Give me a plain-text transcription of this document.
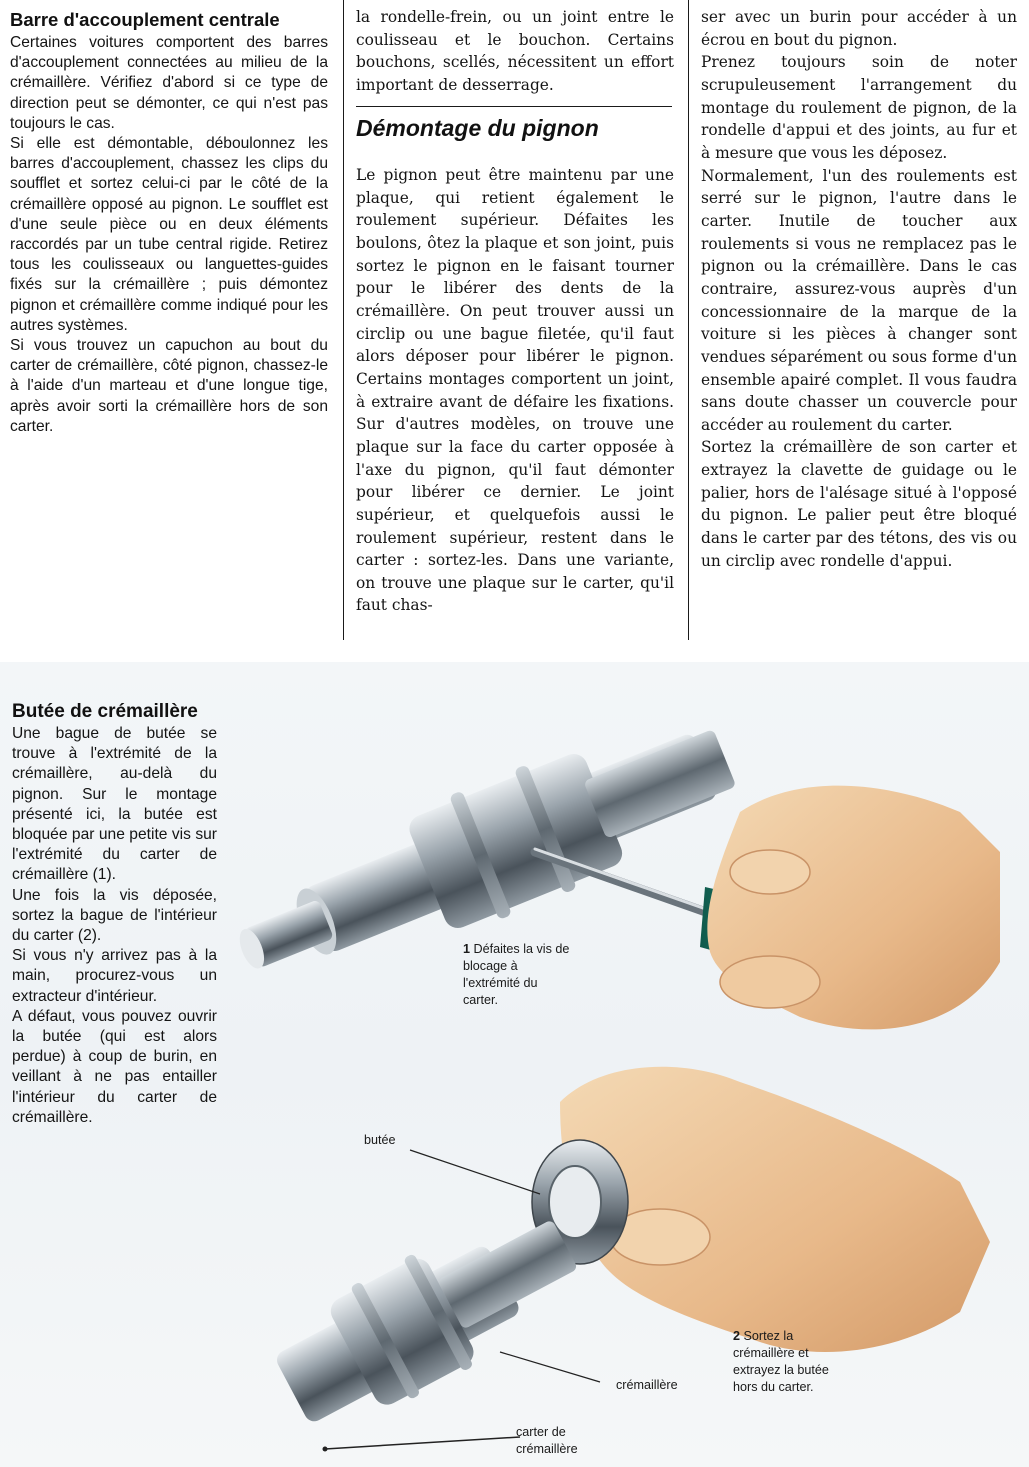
Barre d'accouplement centrale

Certaines voitures comportent des barres d'accouplement connectées au milieu de la crémaillère. Vérifiez d'abord si ce type de direction peut se démonter, ce qui n'est pas toujours le cas.

Si elle est démontable, déboulonnez les barres d'accouplement, chassez les clips du soufflet et sortez celui-ci par le côté de la crémaillère opposé au pignon. Le soufflet est d'une seule pièce ou en deux éléments raccordés par un tube central rigide. Retirez tous les coulisseaux ou languettes-guides fixés sur la crémaillère ; puis démontez pignon et crémaillère comme indiqué pour les autres systèmes.

Si vous trouvez un capuchon au bout du carter de crémaillère, côté pignon, chassez-le à l'aide d'un marteau et d'une longue tige, après avoir sorti la crémaillère hors de son carter.

la rondelle-frein, ou un joint entre le coulisseau et le bouchon. Certains bouchons, scellés, nécessitent un effort important de desserrage.

Démontage du pignon

Le pignon peut être maintenu par une plaque, qui retient également le roulement supérieur. Défaites les boulons, ôtez la plaque et son joint, puis sortez le pignon en le faisant tourner pour le libérer des dents de la crémaillère. On peut trouver aussi un circlip ou une bague filetée, qu'il faut alors déposer pour libérer le pignon. Certains montages comportent un joint, à extraire avant de défaire les fixations. Sur d'autres modèles, on trouve une plaque sur la face du carter opposée à l'axe du pignon, qu'il faut démonter pour libérer ce dernier. Le joint supérieur, et quelquefois aussi le roulement supérieur, restent dans le carter : sortez-les. Dans une variante, on trouve une plaque sur le carter, qu'il faut chas-

ser avec un burin pour accéder à un écrou en bout du pignon.

Prenez toujours soin de noter scrupuleusement l'arrangement du montage du roulement de pignon, de la rondelle d'appui et des joints, au fur et à mesure que vous les déposez.

Normalement, l'un des roulements est serré sur le pignon, l'autre dans le carter. Inutile de toucher aux roulements si vous ne remplacez pas le pignon ou la crémaillère. Dans le cas contraire, assurez-vous auprès d'un concessionnaire de la marque de la voiture si les pièces à changer sont vendues séparément ou sous forme d'un ensemble apairé complet. Il vous faudra sans doute chasser un couvercle pour accéder au roulement du carter.

Sortez la crémaillère de son carter et extrayez la clavette de guidage ou le palier, hors de l'alésage situé à l'opposé du pignon. Le palier peut être bloqué dans le carter par des tétons, des vis ou un circlip avec rondelle d'appui.

Butée de crémaillère

Une bague de butée se trouve à l'extrémité de la crémaillère, au-delà du pignon. Sur le montage présenté ici, la butée est bloquée par une petite vis sur l'extrémité du carter de crémaillère (1).

Une fois la vis déposée, sortez la bague de l'intérieur du carter (2).

Si vous n'y arrivez pas à la main, procurez-vous un extracteur d'intérieur.

A défaut, vous pouvez ouvrir la butée (qui est alors perdue) à coup de burin, en veillant à ne pas entailler l'intérieur du carter de crémaillère.

1 Défaites la vis de blocage à l'extrémité du carter.
butée
2 Sortez la crémaillère et extrayez la butée hors du carter.
crémaillère
carter de crémaillère
